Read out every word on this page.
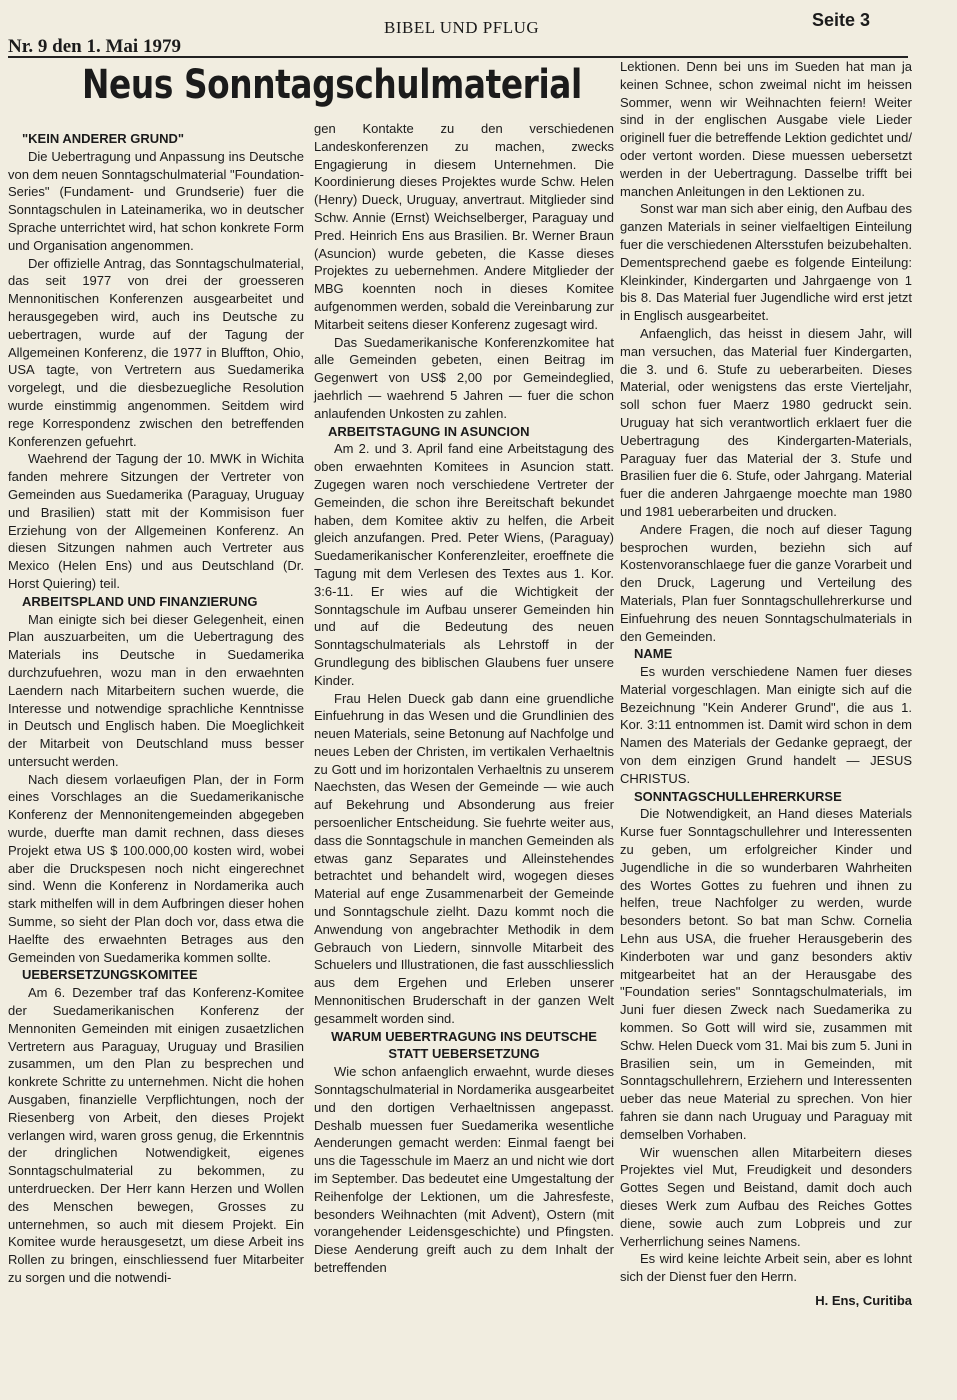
Nr. 9 den 1. Mai 1979
BIBEL UND PFLUG	Seite 3
Neus Sonntagschulmaterial
"KEIN ANDERER GRUND"

Die Uebertragung und Anpassung ins Deutsche von dem neuen Sonntagschulmaterial "Foundation-Series" (Fundament- und Grundserie) fuer die Sonntagschulen in Lateinamerika, wo in deutscher Sprache unterrichtet wird, hat schon konkrete Form und Organisation angenommen.

Der offizielle Antrag, das Sonntagschulmaterial, das seit 1977 von drei der groesseren Mennonitischen Konferenzen ausgearbeitet und herausgegeben wird, auch ins Deutsche zu uebertragen, wurde auf der Tagung der Allgemeinen Konferenz, die 1977 in Bluffton, Ohio, USA tagte, von Vertretern aus Suedamerika vorgelegt, und die diesbezuegliche Resolution wurde einstimmig angenommen. Seitdem wird rege Korrespondenz zwischen den betreffenden Konferenzen gefuehrt.

Waehrend der Tagung der 10. MWK in Wichita fanden mehrere Sitzungen der Vertreter von Gemeinden aus Suedamerika (Paraguay, Uruguay und Brasilien) statt mit der Kommisison fuer Erziehung von der Allgemeinen Konferenz. An diesen Sitzungen nahmen auch Vertreter aus Mexico (Helen Ens) und aus Deutschland (Dr. Horst Quiering) teil.

ARBEITSPLAND UND FINANZIERUNG

Man einigte sich bei dieser Gelegenheit, einen Plan auszuarbeiten, um die Uebertragung des Materials ins Deutsche in Suedamerika durchzufuehren, wozu man in den erwaehnten Laendern nach Mitarbeitern suchen wuerde, die Interesse und notwendige sprachliche Kenntnisse in Deutsch und Englisch haben. Die Moeglichkeit der Mitarbeit von Deutschland muss besser untersucht werden.

Nach diesem vorlaeufigen Plan, der in Form eines Vorschlages an die Suedamerikanische Konferenz der Mennonitengemeinden abgegeben wurde, duerfte man damit rechnen, dass dieses Projekt etwa US $ 100.000,00 kosten wird, wobei aber die Druckspesen noch nicht eingerechnet sind. Wenn die Konferenz in Nordamerika auch stark mithelfen will in dem Aufbringen dieser hohen Summe, so sieht der Plan doch vor, dass etwa die Haelfte des erwaehnten Betrages aus den Gemeinden von Suedamerika kommen sollte.

UEBERSETZUNGSKOMITEE

Am 6. Dezember traf das Konferenz-Komitee der Suedamerikanischen Konferenz der Mennoniten Gemeinden mit einigen zusaetzlichen Vertretern aus Paraguay, Uruguay und Brasilien zusammen, um den Plan zu besprechen und konkrete Schritte zu unternehmen. Nicht die hohen Ausgaben, finanzielle Verpflichtungen, noch der Riesenberg von Arbeit, den dieses Projekt verlangen wird, waren gross genug, die Erkenntnis der dringlichen Notwendigkeit, eigenes Sonntagschulmaterial zu bekommen, zu unterdruecken. Der Herr kann Herzen und Wollen des Menschen bewegen, Grosses zu unternehmen, so auch mit diesem Projekt. Ein Komitee wurde herausgesetzt, um diese Arbeit ins Rollen zu bringen, einschliessend fuer Mitarbeiter zu sorgen und die notwendi-

gen Kontakte zu den verschiedenen Landeskonferenzen zu machen, zwecks Engagierung in diesem Unternehmen. Die Koordinierung dieses Projektes wurde Schw. Helen (Henry) Dueck, Uruguay, anvertraut. Mitglieder sind Schw. Annie (Ernst) Weichselberger, Paraguay und Pred. Heinrich Ens aus Brasilien. Br. Werner Braun (Asuncion) wurde gebeten, die Kasse dieses Projektes zu uebernehmen. Andere Mitglieder der MBG koennten noch in dieses Komitee aufgenommen werden, sobald die Vereinbarung zur Mitarbeit seitens dieser Konferenz zugesagt wird.

Das Suedamerikanische Konferenzkomitee hat alle Gemeinden gebeten, einen Beitrag im Gegenwert von US$ 2,00 por Gemeindeglied, jaehrlich — waehrend 5 Jahren — fuer die schon anlaufenden Unkosten zu zahlen.

ARBEITSTAGUNG IN ASUNCION

Am 2. und 3. April fand eine Arbeitstagung des oben erwaehnten Komitees in Asuncion statt. Zugegen waren noch verschiedene Vertreter der Gemeinden, die schon ihre Bereitschaft bekundet haben, dem Komitee aktiv zu helfen, die Arbeit gleich anzufangen. Pred. Peter Wiens, (Paraguay) Suedamerikanischer Konferenzleiter, eroeffnete die Tagung mit dem Verlesen des Textes aus 1. Kor. 3:6-11. Er wies auf die Wichtigkeit der Sonntagschule im Aufbau unserer Gemeinden hin und auf die Bedeutung des neuen Sonntagschulmaterials als Lehrstoff in der Grundlegung des biblischen Glaubens fuer unsere Kinder.

Frau Helen Dueck gab dann eine gruendliche Einfuehrung in das Wesen und die Grundlinien des neuen Materials, seine Betonung auf Nachfolge und neues Leben der Christen, im vertikalen Verhaeltnis zu Gott und im horizontalen Verhaeltnis zu unserem Naechsten, das Wesen der Gemeinde — wie auch auf Bekehrung und Absonderung aus freier persoenlicher Entscheidung. Sie fuehrte weiter aus, dass die Sonntagschule in manchen Gemeinden als etwas ganz Separates und Alleinstehendes betrachtet und behandelt wird, wogegen dieses Material auf enge Zusammenarbeit der Gemeinde und Sonntagschule zielht. Dazu kommt noch die Anwendung von angebrachter Methodik in dem Gebrauch von Liedern, sinnvolle Mitarbeit des Schuelers und Illustrationen, die fast ausschliesslich aus dem Ergehen und Erleben unserer Mennonitischen Bruderschaft in der ganzen Welt gesammelt worden sind.

WARUM UEBERTRAGUNG INS DEUTSCHE STATT UEBERSETZUNG

Wie schon anfaenglich erwaehnt, wurde dieses Sonntagschulmaterial in Nordamerika ausgearbeitet und den dortigen Verhaeltnissen angepasst. Deshalb muessen fuer Suedamerika wesentliche Aenderungen gemacht werden: Einmal faengt bei uns die Tagesschule im Maerz an und nicht wie dort im September. Das bedeutet eine Umgestaltung der Reihenfolge der Lektionen, um die Jahresfeste, besonders Weihnachten (mit Advent), Ostern (mit vorangehender Leidensgeschichte) und Pfingsten. Diese Aenderung greift auch zu dem Inhalt der betreffenden

Lektionen. Denn bei uns im Sueden hat man ja keinen Schnee, schon zweimal nicht im heissen Sommer, wenn wir Weihnachten feiern! Weiter sind in der englischen Ausgabe viele Lieder originell fuer die betreffende Lektion gedichtet und/ oder vertont worden. Diese muessen uebersetzt werden in der Uebertragung. Dasselbe trifft bei manchen Anleitungen in den Lektionen zu.

Sonst war man sich aber einig, den Aufbau des ganzen Materials in seiner vielfaeltigen Einteilung fuer die verschiedenen Altersstufen beizubehalten. Dementsprechend gaebe es folgende Einteilung: Kleinkinder, Kindergarten und Jahrgaenge von 1 bis 8. Das Material fuer Jugendliche wird erst jetzt in Englisch ausgearbeitet.

Anfaenglich, das heisst in diesem Jahr, will man versuchen, das Material fuer Kindergarten, die 3. und 6. Stufe zu ueberarbeiten. Dieses Material, oder wenigstens das erste Vierteljahr, soll schon fuer Maerz 1980 gedruckt sein. Uruguay hat sich verantwortlich erklaert fuer die Uebertragung des Kindergarten-Materials, Paraguay fuer das Material der 3. Stufe und Brasilien fuer die 6. Stufe, oder Jahrgang. Material fuer die anderen Jahrgaenge moechte man 1980 und 1981 ueberarbeiten und drucken.

Andere Fragen, die noch auf dieser Tagung besprochen wurden, beziehn sich auf Kostenvoranschlaege fuer die ganze Vorarbeit und den Druck, Lagerung und Verteilung des Materials, Plan fuer Sonntagschullehrerkurse und Einfuehrung des neuen Sonntagschulmaterials in den Gemeinden.

NAME

Es wurden verschiedene Namen fuer dieses Material vorgeschlagen. Man einigte sich auf die Bezeichnung "Kein Anderer Grund", die aus 1. Kor. 3:11 entnommen ist. Damit wird schon in dem Namen des Materials der Gedanke gepraegt, der von dem einzigen Grund handelt — JESUS CHRISTUS.

SONNTAGSCHULLEHRERKURSE

Die Notwendigkeit, an Hand dieses Materials Kurse fuer Sonntagschullehrer und Interessenten zu geben, um erfolgreicher Kinder und Jugendliche in die so wunderbaren Wahrheiten des Wortes Gottes zu fuehren und ihnen zu helfen, treue Nachfolger zu werden, wurde besonders betont. So bat man Schw. Cornelia Lehn aus USA, die frueher Herausgeberin des Kinderboten war und ganz besonders aktiv mitgearbeitet hat an der Herausgabe des "Foundation series" Sonntagschulmaterials, im Juni fuer diesen Zweck nach Suedamerika zu kommen. So Gott will wird sie, zusammen mit Schw. Helen Dueck vom 31. Mai bis zum 5. Juni in Brasilien sein, um in Gemeinden, mit Sonntagschullehrern, Erziehern und Interessenten ueber das neue Material zu sprechen. Von hier fahren sie dann nach Uruguay und Paraguay mit demselben Vorhaben.

Wir wuenschen allen Mitarbeitern dieses Projektes viel Mut, Freudigkeit und desonders Gottes Segen und Beistand, damit doch auch dieses Werk zum Aufbau des Reiches Gottes diene, sowie auch zum Lobpreis und zur Verherrlichung seines Namens.

Es wird keine leichte Arbeit sein, aber es lohnt sich der Dienst fuer den Herrn.

H. Ens, Curitiba
